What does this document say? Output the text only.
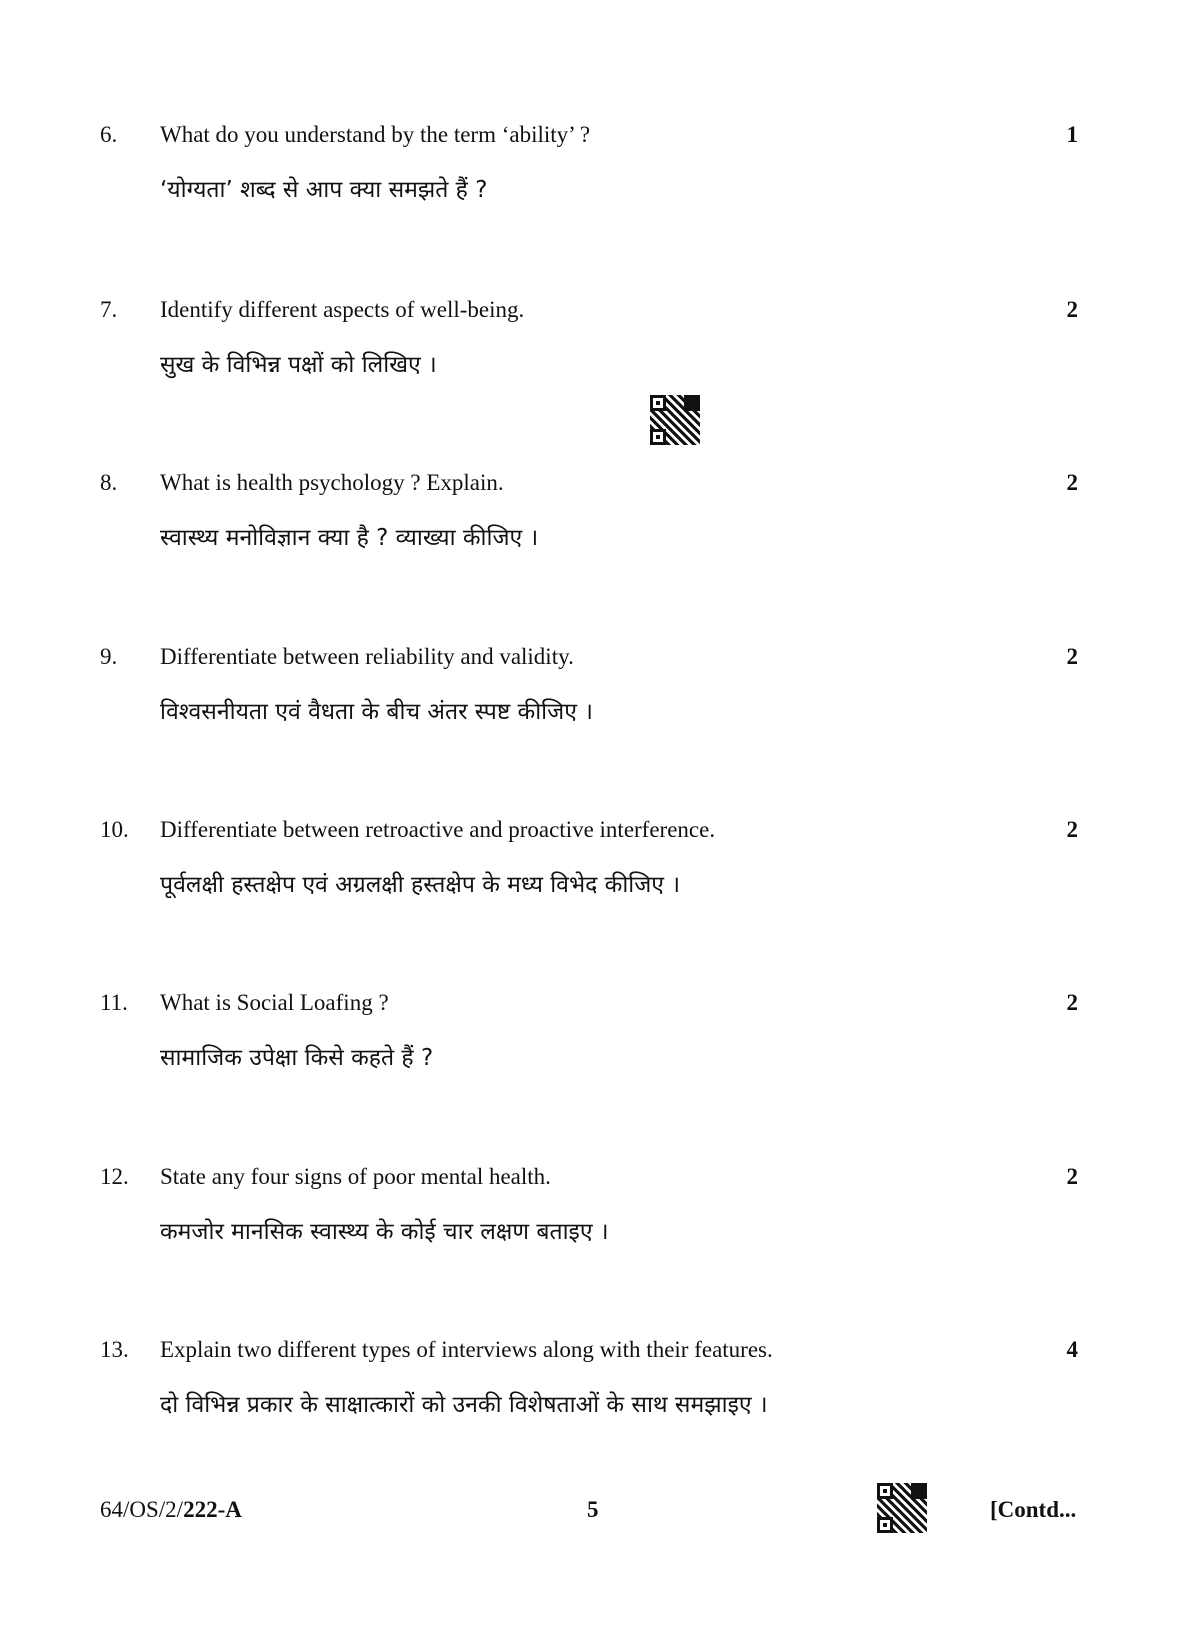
6. What do you understand by the term ‘ability’ ?
‘योग्यता’ शब्द से आप क्या समझते हैं ?
1
7. Identify different aspects of well-being.
सुख के विभिन्न पक्षों को लिखिए ।
2
8. What is health psychology ? Explain.
स्वास्थ्य मनोविज्ञान क्या है ? व्याख्या कीजिए ।
2
9. Differentiate between reliability and validity.
विश्वसनीयता एवं वैधता के बीच अंतर स्पष्ट कीजिए ।
2
10. Differentiate between retroactive and proactive interference.
पूर्वलक्षी हस्तक्षेप एवं अग्रलक्षी हस्तक्षेप के मध्य विभेद कीजिए ।
2
11. What is Social Loafing ?
सामाजिक उपेक्षा किसे कहते हैं ?
2
12. State any four signs of poor mental health.
कमजोर मानसिक स्वास्थ्य के कोई चार लक्षण बताइए ।
2
13. Explain two different types of interviews along with their features.
दो विभिन्न प्रकार के साक्षात्कारों को उनकी विशेषताओं के साथ समझाइए ।
4
64/OS/2/222-A	5	[Contd...
